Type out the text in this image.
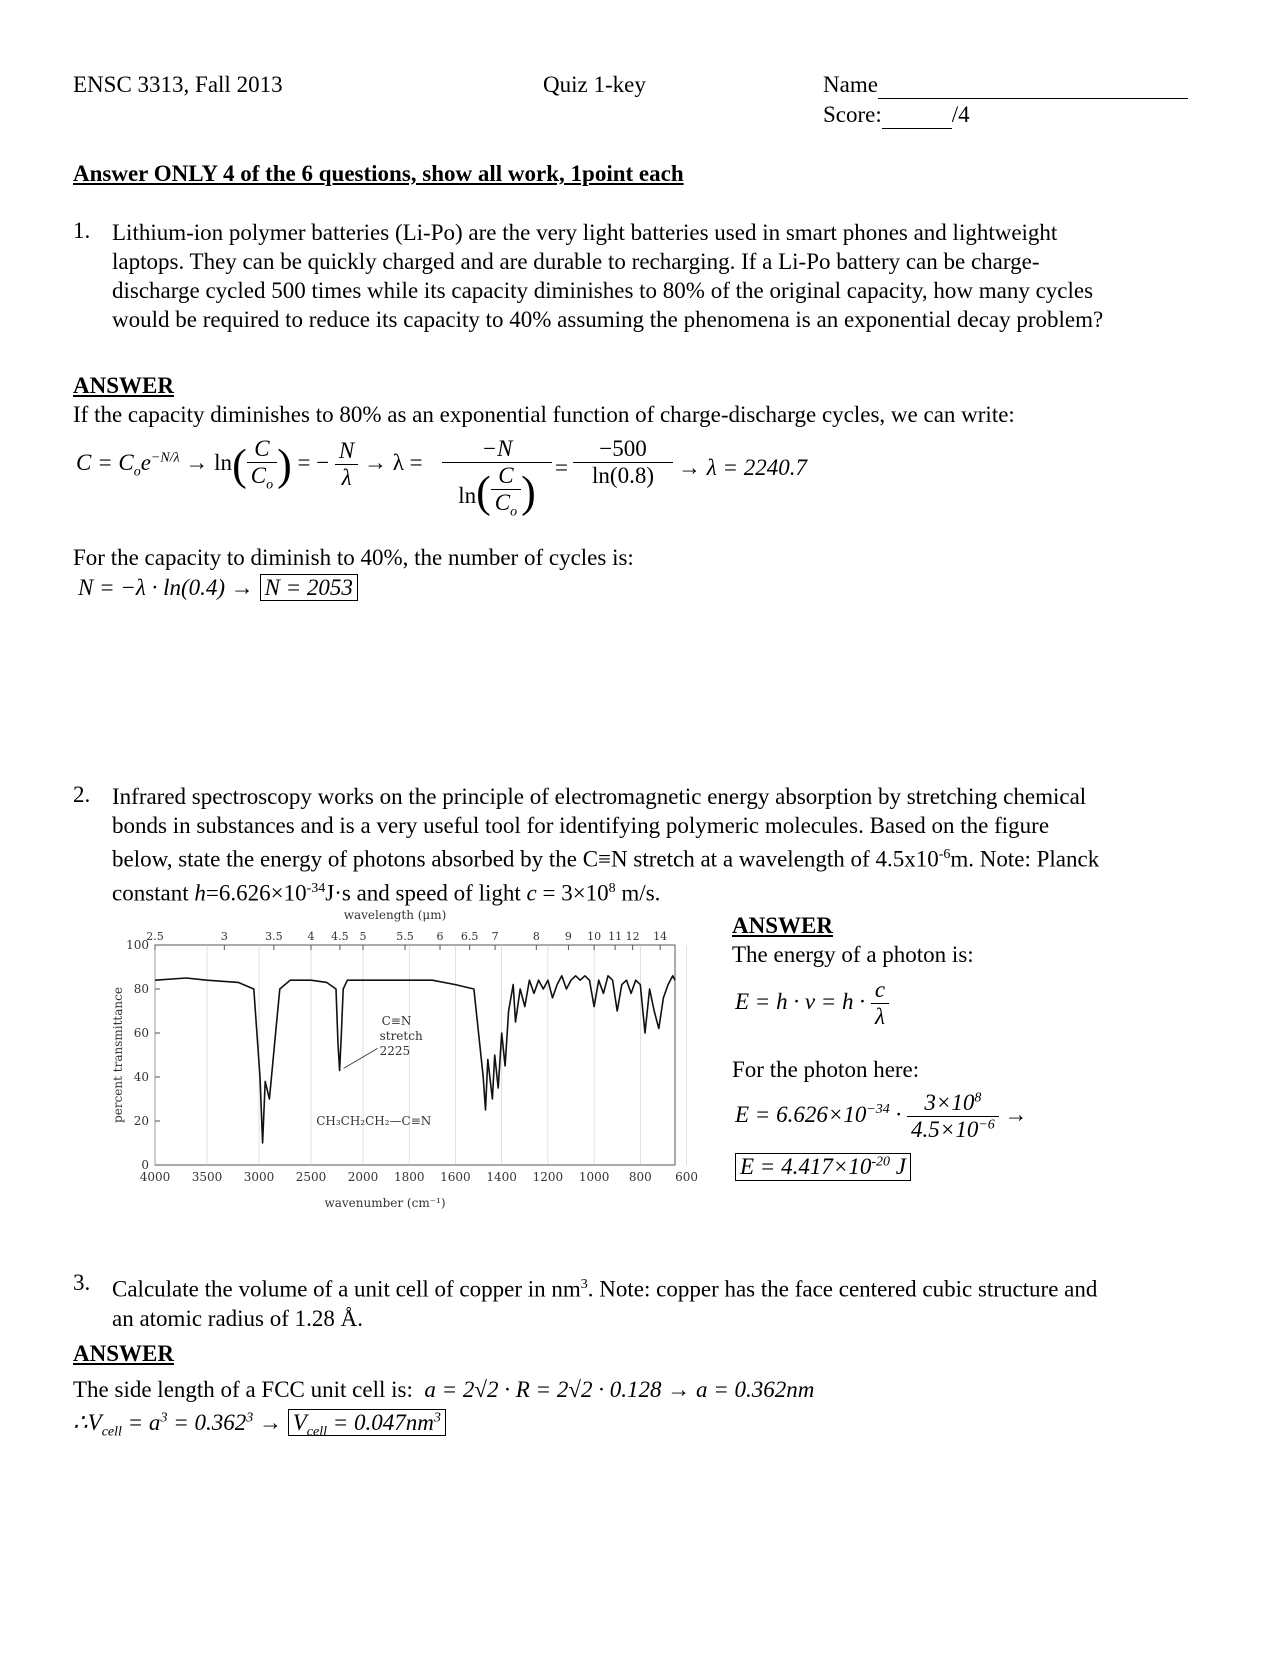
ENSC 3313, Fall 2013	Quiz 1-key	Name
Score:	/4
Answer ONLY 4 of the 6 questions, show all work, 1point each
1. Lithium-ion polymer batteries (Li-Po) are the very light batteries used in smart phones and lightweight
laptops. They can be quickly charged and are durable to recharging. If a Li-Po battery can be charge-
discharge cycled 500 times while its capacity diminishes to 80% of the original capacity, how many cycles
would be required to reduce its capacity to 40% assuming the phenomena is an exponential decay problem?
ANSWER
If the capacity diminishes to 80% as an exponential function of charge-discharge cycles, we can write:
$C = C_oe^{-N/\lambda} \to \ln( \frac{C}{C_o}$ ) = − $\frac{N}{\lambda} \to \lambda$ =
−N
$\ln( \frac{C}{C_o}$ ) =
−500
ln(0.8)	→ λ = 2240.7
For the capacity to diminish to 40%, the number of cycles is:
N = −λ · ln(0.4) → N = 2053
2. Infrared spectroscopy works on the principle of electromagnetic energy absorption by stretching chemical
bonds in substances and is a very useful tool for identifying polymeric molecules. Based on the figure
below, state the energy of photons absorbed by the C≡N stretch at a wavelength of $4.5x10^{-6}m$. Note: Planck
constant $h=6.626\times 10^{-34}J\cdot s$ and speed of light $c = 3\times 10^8$ m/s.
4000 3500 3000 2500 2000 1800 1600 1400 1200 1000 800 600
0
20
40
60
80
100
2.5	3	3.5 4 4.5 5	5.5 6 6.5 7	8 9 10 11 12 14
wavenumber (cm⁻¹)
wavelength (μm)
percent transmittance	C≡N
stretch
2225
CH₃CH₂CH₂—C≡N
ANSWER
The energy of a photon is:
$E = h \cdot \nu = h \cdot \frac{c}{\lambda}$
For the photon here:
$E = 6.626\times 10^{-34} \cdot \frac{3\times 10^8}{4.5\times 10^{-6}}$ →
$E = 4.417\times 10^{-20}$ J
3. Calculate the volume of a unit cell of copper in $nm^3$. Note: copper has the face centered cubic structure and
an atomic radius of 1.28 Å.
ANSWER
The side length of a FCC unit cell is: a = 2√2 · R = 2√2 · 0.128 → a = 0.362nm
$\therefore V_{cell} = a^3 = 0.362^3 \to V_{cell} = 0.047nm^3$
